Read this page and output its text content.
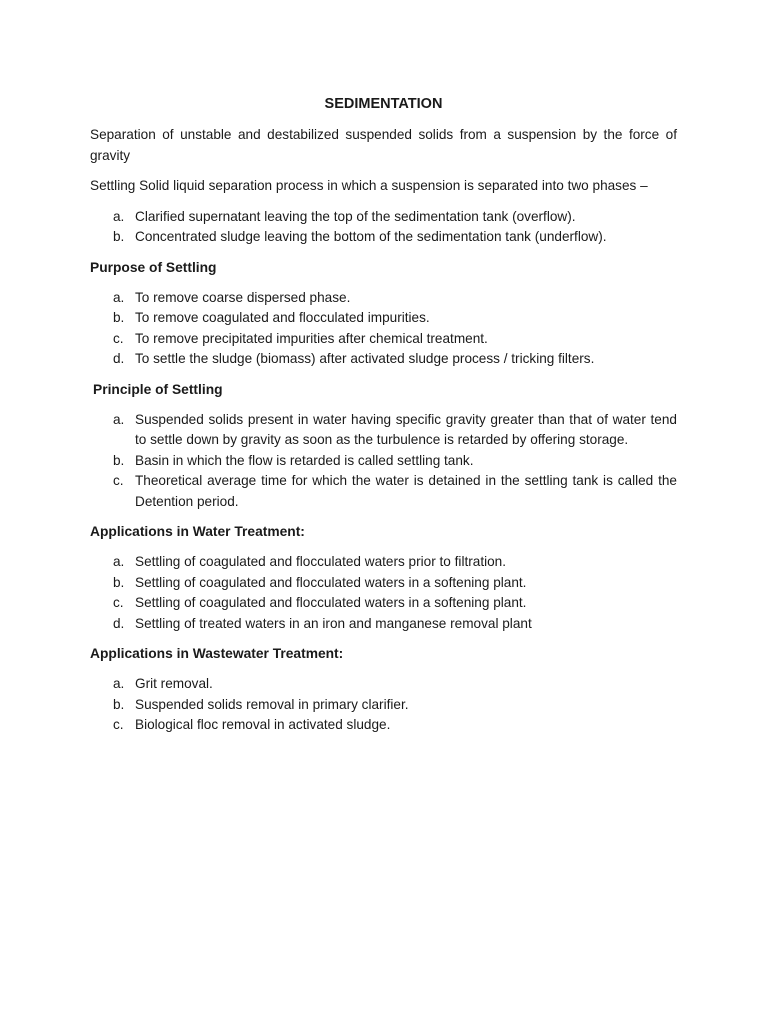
SEDIMENTATION

Separation of unstable and destabilized suspended solids from a suspension by the force of gravity

Settling Solid liquid separation process in which a suspension is separated into two phases –

a. Clarified supernatant leaving the top of the sedimentation tank (overflow).
b. Concentrated sludge leaving the bottom of the sedimentation tank (underflow).
Purpose of Settling
a. To remove coarse dispersed phase.
b. To remove coagulated and flocculated impurities.
c. To remove precipitated impurities after chemical treatment.
d. To settle the sludge (biomass) after activated sludge process / tricking filters.
Principle of Settling
a. Suspended solids present in water having specific gravity greater than that of water tend to settle down by gravity as soon as the turbulence is retarded by offering storage.
b. Basin in which the flow is retarded is called settling tank.
c. Theoretical average time for which the water is detained in the settling tank is called the Detention period.
Applications in Water Treatment:
a. Settling of coagulated and flocculated waters prior to filtration.
b. Settling of coagulated and flocculated waters in a softening plant.
c. Settling of coagulated and flocculated waters in a softening plant.
d. Settling of treated waters in an iron and manganese removal plant
Applications in Wastewater Treatment:
a. Grit removal.
b. Suspended solids removal in primary clarifier.
c. Biological floc removal in activated sludge.
